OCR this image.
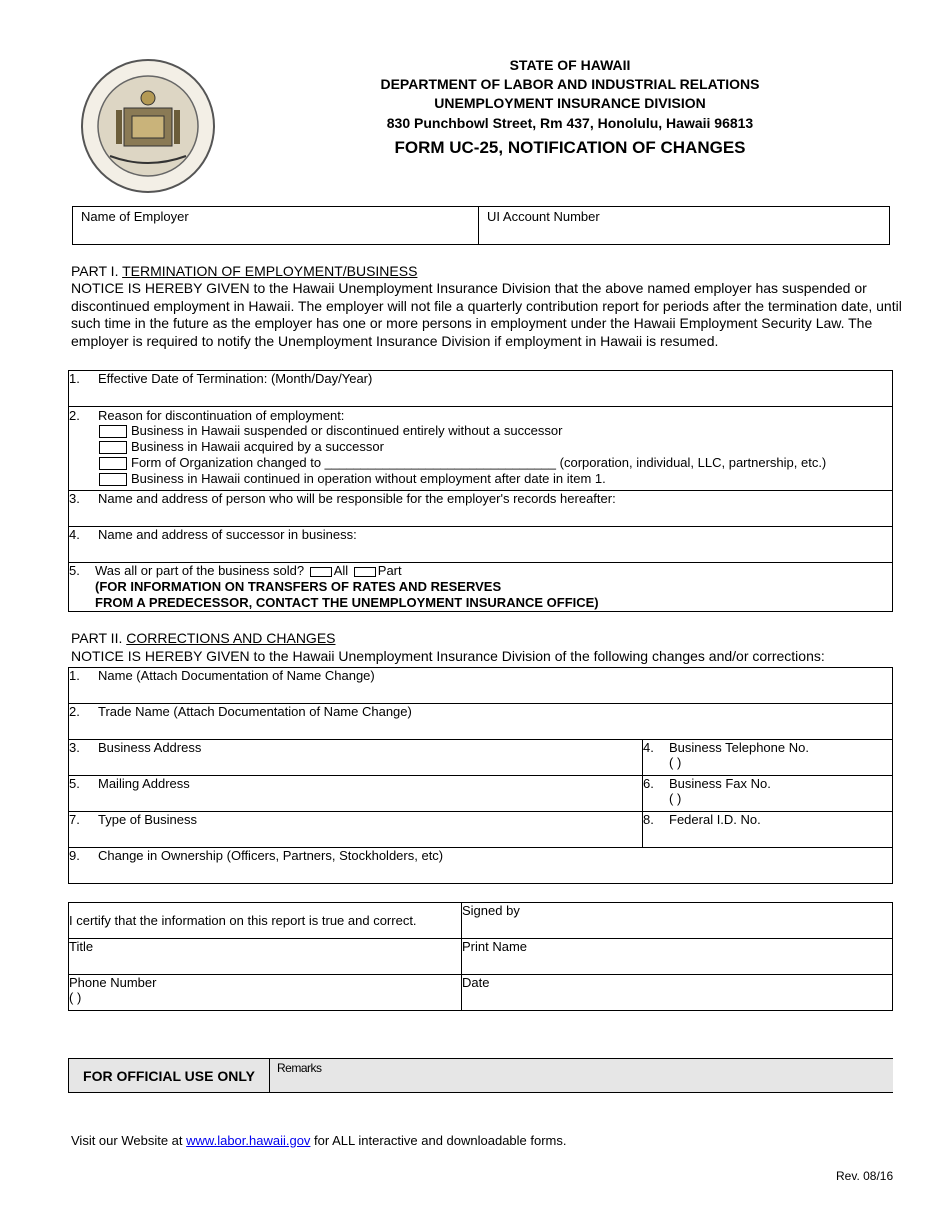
STATE OF HAWAII
DEPARTMENT OF LABOR AND INDUSTRIAL RELATIONS
UNEMPLOYMENT INSURANCE DIVISION
830 Punchbowl Street, Rm 437, Honolulu, Hawaii 96813
FORM UC-25, NOTIFICATION OF CHANGES
Name of Employer	UI Account Number
PART I. TERMINATION OF EMPLOYMENT/BUSINESS
NOTICE IS HEREBY GIVEN to the Hawaii Unemployment Insurance Division that the above named employer has suspended or discontinued employment in Hawaii. The employer will not file a quarterly contribution report for periods after the termination date, until such time in the future as the employer has one or more persons in employment under the Hawaii Employment Security Law. The employer is required to notify the Unemployment Insurance Division if employment in Hawaii is resumed.
1. Effective Date of Termination: (Month/Day/Year)

2. Reason for discontinuation of employment:
Business in Hawaii suspended or discontinued entirely without a successor
Business in Hawaii acquired by a successor
Form of Organization changed to ________________________________ (corporation, individual, LLC, partnership, etc.)
Business in Hawaii continued in operation without employment after date in item 1.

3. Name and address of person who will be responsible for the employer's records hereafter:
4. Name and address of successor in business:

5. Was all or part of the business sold? All Part
(FOR INFORMATION ON TRANSFERS OF RATES AND RESERVES
FROM A PREDECESSOR, CONTACT THE UNEMPLOYMENT INSURANCE OFFICE)
PART II. CORRECTIONS AND CHANGES
NOTICE IS HEREBY GIVEN to the Hawaii Unemployment Insurance Division of the following changes and/or corrections:
1. Name (Attach Documentation of Name Change)	
2. Trade Name (Attach Documentation of Name Change)	
3. Business Address	4. Business Telephone No.
( )

5. Mailing Address	6. Business Fax No.
( )

7. Type of Business	8. Federal I.D. No.
9. Change in Ownership (Officers, Partners, Stockholders, etc)	
I certify that the information on this report is true and correct.	Signed by
Title	Print Name

Phone Number
( )	Date
FOR OFFICIAL USE ONLY	Remarks
Visit our Website at www.labor.hawaii.gov for ALL interactive and downloadable forms.
Rev. 08/16
